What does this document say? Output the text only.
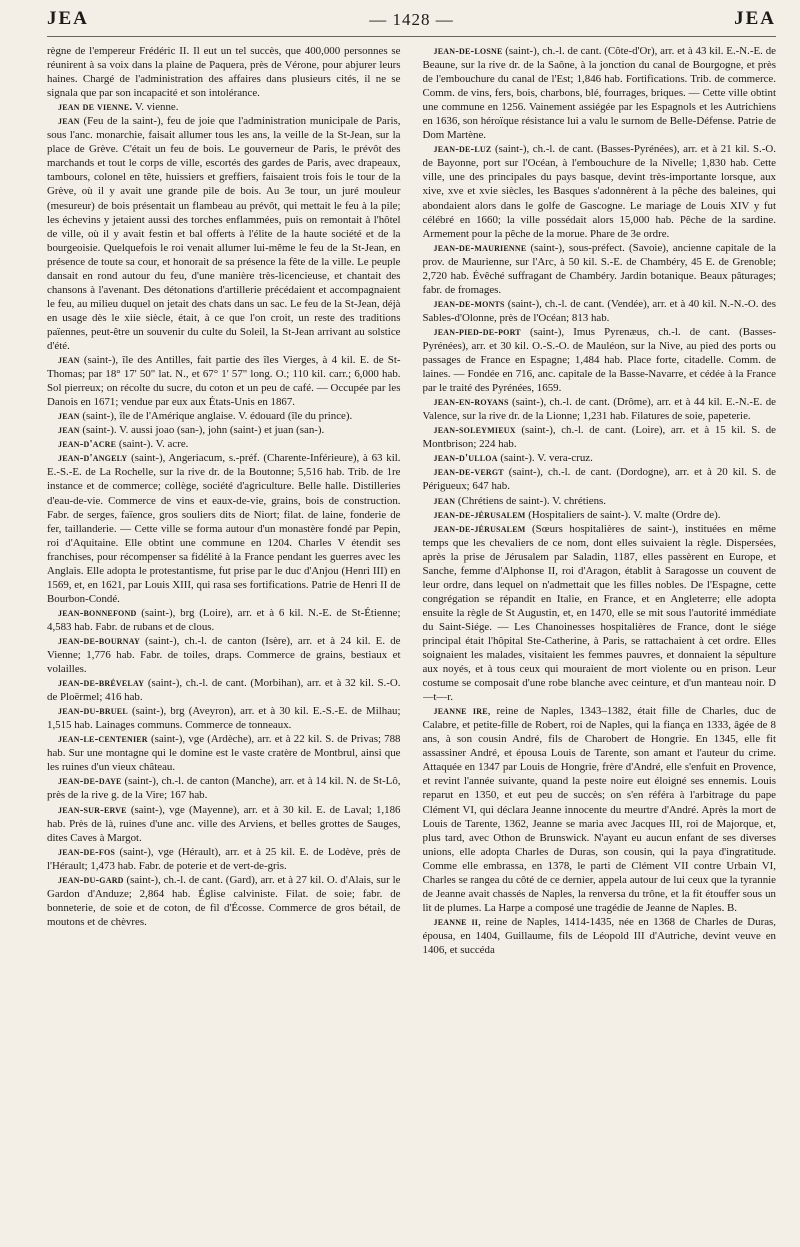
JEA	— 1428 —	JEA

règne de l'empereur Frédéric II. Il eut un tel succès, que 400,000 personnes se réunirent à sa voix dans la plaine de Paquera, près de Vérone, pour abjurer leurs haines. Chargé de l'administration des affaires dans plusieurs cités, il ne se signala que par son incapacité et son intolérance.

jean de vienne. V. vienne.

jean (Feu de la saint-), feu de joie que l'administration municipale de Paris, sous l'anc. monarchie, faisait allumer tous les ans, la veille de la St-Jean, sur la place de Grève. C'était un feu de bois. Le gouverneur de Paris, le prévôt des marchands et tout le corps de ville, escortés des gardes de Paris, avec drapeaux, tambours, colonel en tête, huissiers et greffiers, faisaient trois fois le tour de la Grève, où il y avait une grande pile de bois. Au 3e tour, un juré mouleur (mesureur) de bois présentait un flambeau au prévôt, qui mettait le feu à la pile; les échevins y jetaient aussi des torches enflammées, puis on remontait à l'hôtel de ville, où il y avait festin et bal offerts à l'élite de la haute société et de la bourgeoisie. Quelquefois le roi venait allumer lui-même le feu de la St-Jean, en présence de toute sa cour, et honorait de sa présence la fête de la ville. Le peuple dansait en rond autour du feu, d'une manière très-licencieuse, et chantait des chansons à l'avenant. Des détonations d'artillerie précédaient et accompagnaient le feu, au milieu duquel on jetait des chats dans un sac. Le feu de la St-Jean, déjà en usage dès le xiie siècle, était, à ce que l'on croit, un reste des traditions païennes, peut-être un souvenir du culte du Soleil, la St-Jean arrivant au solstice d'été.

jean (saint-), île des Antilles, fait partie des îles Vierges, à 4 kil. E. de St-Thomas; par 18° 17' 50" lat. N., et 67° 1' 57" long. O.; 110 kil. carr.; 6,000 hab. Sol pierreux; on récolte du sucre, du coton et un peu de café. — Occupée par les Danois en 1671; vendue par eux aux États-Unis en 1867.

jean (saint-), île de l'Amérique anglaise. V. édouard (île du prince).

jean (saint-). V. aussi joao (san-), john (saint-) et juan (san-).

jean-d'acre (saint-). V. acre.

jean-d'angely (saint-), Angeriacum, s.-préf. (Charente-Inférieure), à 63 kil. E.-S.-E. de La Rochelle, sur la rive dr. de la Boutonne; 5,516 hab. Trib. de 1re instance et de commerce; collège, société d'agriculture. Belle halle. Distilleries d'eau-de-vie. Commerce de vins et eaux-de-vie, grains, bois de construction. Fabr. de serges, faïence, gros souliers dits de Niort; filat. de laine, fonderie de fer, taillanderie. — Cette ville se forma autour d'un monastère fondé par Pepin, roi d'Aquitaine. Elle obtint une commune en 1204. Charles V étendit ses franchises, pour récompenser sa fidélité à la France pendant les guerres avec les Anglais. Elle adopta le protestantisme, fut prise par le duc d'Anjou (Henri III) en 1569, et, en 1621, par Louis XIII, qui rasa ses fortifications. Patrie de Henri II de Bourbon-Condé.

jean-bonnefond (saint-), brg (Loire), arr. et à 6 kil. N.-E. de St-Étienne; 4,583 hab. Fabr. de rubans et de clous.

jean-de-bournay (saint-), ch.-l. de canton (Isère), arr. et à 24 kil. E. de Vienne; 1,776 hab. Fabr. de toiles, draps. Commerce de grains, bestiaux et volailles.

jean-de-brévelay (saint-), ch.-l. de cant. (Morbihan), arr. et à 32 kil. S.-O. de Ploërmel; 416 hab.

jean-du-bruel (saint-), brg (Aveyron), arr. et à 30 kil. E.-S.-E. de Milhau; 1,515 hab. Lainages communs. Commerce de tonneaux.

jean-le-centenier (saint-), vge (Ardèche), arr. et à 22 kil. S. de Privas; 788 hab. Sur une montagne qui le domine est le vaste cratère de Montbrul, ainsi que les ruines d'un vieux château.

jean-de-daye (saint-), ch.-l. de canton (Manche), arr. et à 14 kil. N. de St-Lô, près de la rive g. de la Vire; 167 hab.

jean-sur-erve (saint-), vge (Mayenne), arr. et à 30 kil. E. de Laval; 1,186 hab. Près de là, ruines d'une anc. ville des Arviens, et belles grottes de Sauges, dites Caves à Margot.

jean-de-fos (saint-), vge (Hérault), arr. et à 25 kil. E. de Lodève, près de l'Hérault; 1,473 hab. Fabr. de poterie et de vert-de-gris.

jean-du-gard (saint-), ch.-l. de cant. (Gard), arr. et à 27 kil. O. d'Alais, sur le Gardon d'Anduze; 2,864 hab. Église calviniste. Filat. de soie; fabr. de bonneterie, de soie et de coton, de fil d'Écosse. Commerce de gros bétail, de moutons et de chèvres.

jean-de-losne (saint-), ch.-l. de cant. (Côte-d'Or), arr. et à 43 kil. E.-N.-E. de Beaune, sur la rive dr. de la Saône, à la jonction du canal de Bourgogne, et près de l'embouchure du canal de l'Est; 1,846 hab. Fortifications. Trib. de commerce. Comm. de vins, fers, bois, charbons, blé, fourrages, briques. — Cette ville obtint une commune en 1256. Vainement assiégée par les Espagnols et les Autrichiens en 1636, son héroïque résistance lui a valu le surnom de Belle-Défense. Patrie de Dom Martène.

jean-de-luz (saint-), ch.-l. de cant. (Basses-Pyrénées), arr. et à 21 kil. S.-O. de Bayonne, port sur l'Océan, à l'embouchure de la Nivelle; 1,830 hab. Cette ville, une des principales du pays basque, devint très-importante lorsque, aux xive, xve et xvie siècles, les Basques s'adonnèrent à la pêche des baleines, qui abondaient alors dans le golfe de Gascogne. Le mariage de Louis XIV y fut célébré en 1660; la ville possédait alors 15,000 hab. Pêche de la sardine. Armement pour la pêche de la morue. Phare de 3e ordre.

jean-de-maurienne (saint-), sous-préfect. (Savoie), ancienne capitale de la prov. de Maurienne, sur l'Arc, à 50 kil. S.-E. de Chambéry, 45 E. de Grenoble; 2,720 hab. Évêché suffragant de Chambéry. Jardin botanique. Beaux pâturages; fabr. de fromages.

jean-de-monts (saint-), ch.-l. de cant. (Vendée), arr. et à 40 kil. N.-N.-O. des Sables-d'Olonne, près de l'Océan; 813 hab.

jean-pied-de-port (saint-), Imus Pyrenæus, ch.-l. de cant. (Basses-Pyrénées), arr. et 30 kil. O.-S.-O. de Mauléon, sur la Nive, au pied des ports ou passages de France en Espagne; 1,484 hab. Place forte, citadelle. Comm. de laines. — Fondée en 716, anc. capitale de la Basse-Navarre, et cédée à la France par le traité des Pyrénées, 1659.

jean-en-royans (saint-), ch.-l. de cant. (Drôme), arr. et à 44 kil. E.-N.-E. de Valence, sur la rive dr. de la Lionne; 1,231 hab. Filatures de soie, papeterie.

jean-soleymieux (saint-), ch.-l. de cant. (Loire), arr. et à 15 kil. S. de Montbrison; 224 hab.

jean-d'ulloa (saint-). V. vera-cruz.

jean-de-vergt (saint-), ch.-l. de cant. (Dordogne), arr. et à 20 kil. S. de Périgueux; 647 hab.

jean (Chrétiens de saint-). V. chrétiens.

jean-de-jérusalem (Hospitaliers de saint-). V. malte (Ordre de).

jean-de-jérusalem (Sœurs hospitalières de saint-), instituées en même temps que les chevaliers de ce nom, dont elles suivaient la règle. Dispersées, après la prise de Jérusalem par Saladin, 1187, elles passèrent en Europe, et Sanche, femme d'Alphonse II, roi d'Aragon, établit à Saragosse un couvent de leur ordre, dans lequel on n'admettait que les filles nobles. De l'Espagne, cette congrégation se répandit en Italie, en France, et en Angleterre; elle adopta ensuite la règle de St Augustin, et, en 1470, elle se mit sous l'autorité immédiate du Saint-Siége. — Les Chanoinesses hospitalières de France, dont le siége principal était l'hôpital Ste-Catherine, à Paris, se rattachaient à cet ordre. Elles soignaient les malades, visitaient les femmes pauvres, et donnaient la sépulture aux noyés, et à tous ceux qui mouraient de mort violente ou en prison. Leur costume se composait d'une robe blanche avec ceinture, et d'un manteau noir. D—t—r.

jeanne ire, reine de Naples, 1343–1382, était fille de Charles, duc de Calabre, et petite-fille de Robert, roi de Naples, qui la fiança en 1333, âgée de 8 ans, à son cousin André, fils de Charobert de Hongrie. En 1345, elle fit assassiner André, et épousa Louis de Tarente, son amant et l'auteur du crime. Attaquée en 1347 par Louis de Hongrie, frère d'André, elle s'enfuit en Provence, et revint l'année suivante, quand la peste noire eut éloigné ses ennemis. Louis reparut en 1350, et eut peu de succès; on s'en référa à l'arbitrage du pape Clément VI, qui déclara Jeanne innocente du meurtre d'André. Après la mort de Louis de Tarente, 1362, Jeanne se maria avec Jacques III, roi de Majorque, et, plus tard, avec Othon de Brunswick. N'ayant eu aucun enfant de ses diverses unions, elle adopta Charles de Duras, son cousin, qui la paya d'ingratitude. Comme elle embrassa, en 1378, le parti de Clément VII contre Urbain VI, Charles se rangea du côté de ce dernier, appela autour de lui ceux que la tyrannie de Jeanne avait chassés de Naples, la renversa du trône, et la fit étouffer sous un lit de plumes. La Harpe a composé une tragédie de Jeanne de Naples. B.

jeanne ii, reine de Naples, 1414-1435, née en 1368 de Charles de Duras, épousa, en 1404, Guillaume, fils de Léopold III d'Autriche, devint veuve en 1406, et succéda
